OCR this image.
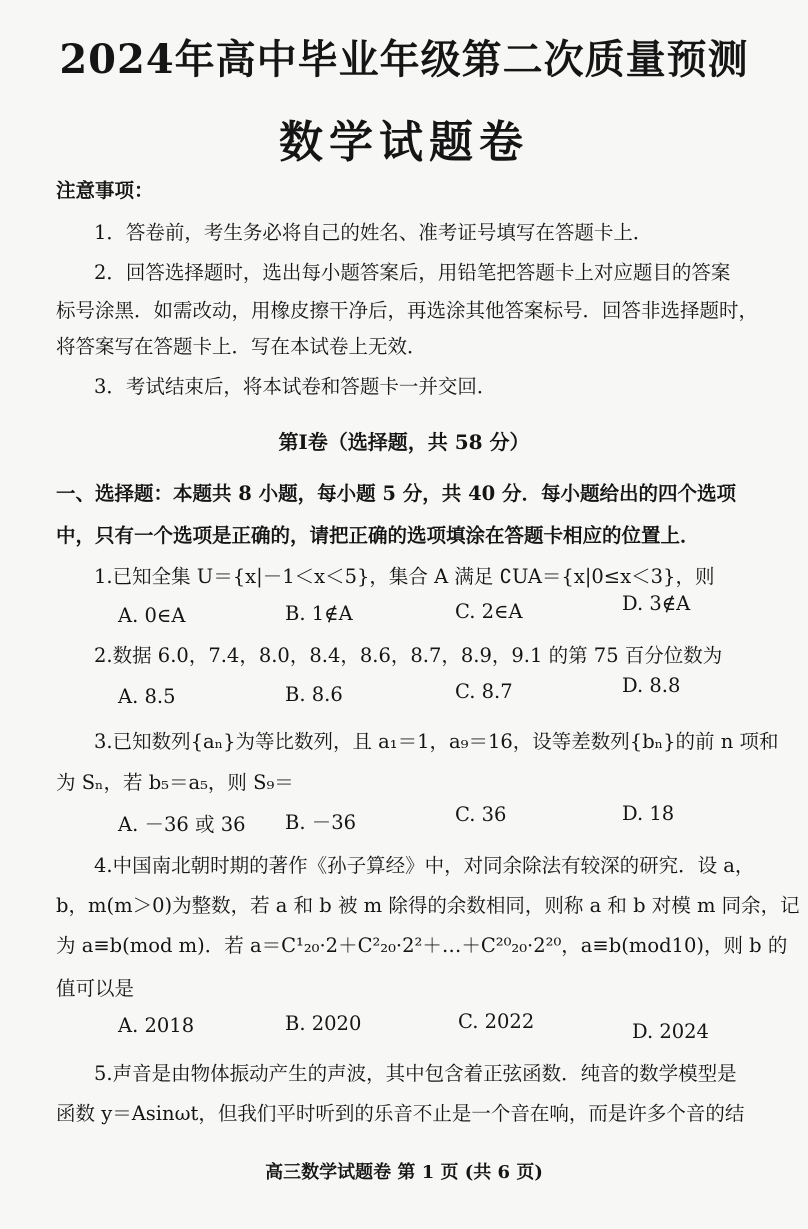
2024年高中毕业年级第二次质量预测
数学试题卷
注意事项：
1．答卷前，考生务必将自己的姓名、准考证号填写在答题卡上．
2．回答选择题时，选出每小题答案后，用铅笔把答题卡上对应题目的答案
标号涂黑．如需改动，用橡皮擦干净后，再选涂其他答案标号．回答非选择题时，
将答案写在答题卡上．写在本试卷上无效．
3．考试结束后，将本试卷和答题卡一并交回．
第Ⅰ卷（选择题，共 58 分）
一、选择题：本题共 8 小题，每小题 5 分，共 40 分．每小题给出的四个选项
中，只有一个选项是正确的，请把正确的选项填涂在答题卡相应的位置上．
1.已知全集 U＝{x|－1＜x＜5}，集合 A 满足 ∁UA＝{x|0≤x＜3}，则
A. 0∈A	B. 1∉A	C. 2∈A	D. 3∉A
2.数据 6.0，7.4，8.0，8.4，8.6，8.7，8.9，9.1 的第 75 百分位数为
A. 8.5	B. 8.6	C. 8.7	D. 8.8
3.已知数列{aₙ}为等比数列，且 a₁＝1，a₉＝16，设等差数列{bₙ}的前 n 项和
为 Sₙ，若 b₅＝a₅，则 S₉＝
A. －36 或 36 B. －36	C. 36	D. 18
4.中国南北朝时期的著作《孙子算经》中，对同余除法有较深的研究．设 a，
b，m(m＞0)为整数，若 a 和 b 被 m 除得的余数相同，则称 a 和 b 对模 m 同余，记
为 a≡b(mod m)．若 a＝C¹₂₀·2＋C²₂₀·2²＋…＋C²⁰₂₀·2²⁰，a≡b(mod10)，则 b 的
值可以是
A. 2018	B. 2020	C. 2022	D. 2024
5.声音是由物体振动产生的声波，其中包含着正弦函数．纯音的数学模型是
函数 y＝Asinωt，但我们平时听到的乐音不止是一个音在响，而是许多个音的结
高三数学试题卷 第 1 页 (共 6 页)
